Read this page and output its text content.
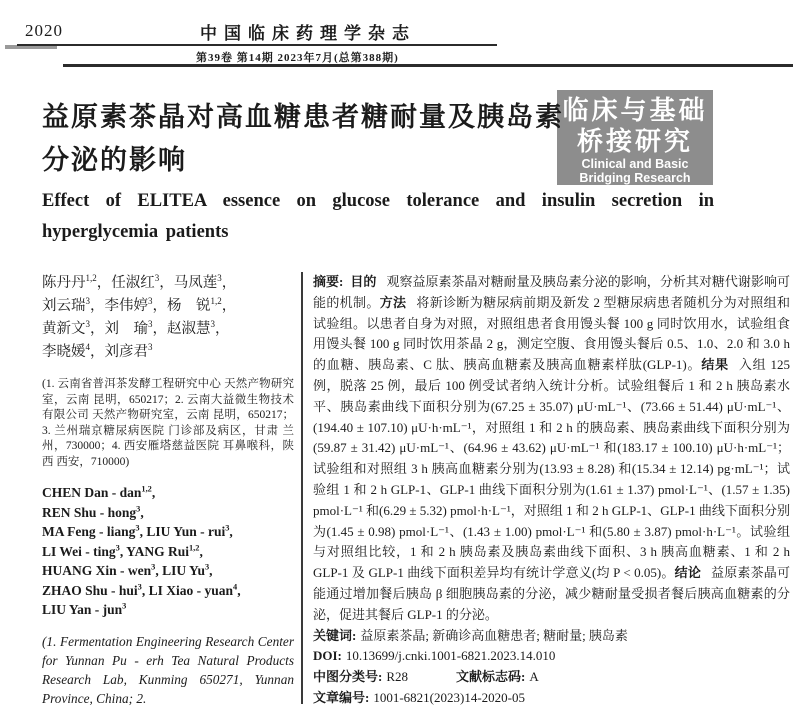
2020	中国临床药理学杂志
第39卷 第14期 2023年7月(总第388期)
临床与基础
桥接研究
Clinical and Basic
Bridging Research
益原素茶晶对高血糖患者糖耐量及胰岛素
分泌的影响
Effect of ELITEA essence on glucose tolerance and insulin secretion in hyperglycemia patients
陈丹丹$^{1,2}$，任淑红$^3$，马凤莲$^3$，
刘云瑞$^3$，李伟婷$^3$，杨　锐$^{1,2}$，
黄新文$^3$，刘　瑜$^3$，赵淑慧$^3$，
李晓媛$^4$，刘彦君$^3$
(1. 云南省普洱茶发酵工程研究中心 天然产物研究室，云南 昆明，650217；2. 云南大益微生物技术有限公司 天然产物研究室，云南 昆明，650217；3. 兰州瑞京糖尿病医院 门诊部及病区，甘肃 兰州，730000；4. 西安雁塔慈益医院 耳鼻喉科，陕西 西安，710000)
CHEN Dan - dan$^{1,2}$,
REN Shu - hong$^3$,
MA Feng - liang$^3$, LIU Yun - rui$^3$,
LI Wei - ting$^3$, YANG Rui$^{1,2}$,
HUANG Xin - wen$^3$, LIU Yu$^3$,
ZHAO Shu - hui$^3$, LI Xiao - yuan$^4$,
LIU Yan - jun$^3$
(1. Fermentation Engineering Research Center for Yunnan Pu - erh Tea Natural Products Research Lab, Kunming 650271, Yunnan Province, China; 2.

摘要: 目的 观察益原素茶晶对糖耐量及胰岛素分泌的影响，分析其对糖代谢影响可能的机制。方法 将新诊断为糖尿病前期及新发 2 型糖尿病患者随机分为对照组和试验组。以患者自身为对照，对照组患者食用馒头餐 100 g 同时饮用水，试验组食用馒头餐 100 g 同时饮用茶晶 2 g，测定空腹、食用馒头餐后 0.5、1.0、2.0 和 3.0 h 的血糖、胰岛素、C 肽、胰高血糖素及胰高血糖素样肽(GLP-1)。结果 入组 125 例，脱落 25 例，最后 100 例受试者纳入统计分析。试验组餐后 1 和 2 h 胰岛素水平、胰岛素曲线下面积分别为(67.25 ± 35.07) μU·mL⁻¹、(73.66 ± 51.44) μU·mL⁻¹、(194.40 ± 107.10) μU·h·mL⁻¹，对照组 1 和 2 h 的胰岛素、胰岛素曲线下面积分别为(59.87 ± 31.42) μU·mL⁻¹、(64.96 ± 43.62) μU·mL⁻¹ 和(183.17 ± 100.10) μU·h·mL⁻¹；试验组和对照组 3 h 胰高血糖素分别为(13.93 ± 8.28) 和(15.34 ± 12.14) pg·mL⁻¹；试验组 1 和 2 h GLP-1、GLP-1 曲线下面积分别为(1.61 ± 1.37) pmol·L⁻¹、(1.57 ± 1.35) pmol·L⁻¹ 和(6.29 ± 5.32) pmol·h·L⁻¹，对照组 1 和 2 h GLP-1、GLP-1 曲线下面积分别为(1.45 ± 0.98) pmol·L⁻¹、(1.43 ± 1.00) pmol·L⁻¹ 和(5.80 ± 3.87) pmol·h·L⁻¹。试验组与对照组比较，1 和 2 h 胰岛素及胰岛素曲线下面积、3 h 胰高血糖素、1 和 2 h GLP-1 及 GLP-1 曲线下面积差异均有统计学意义(均 P < 0.05)。结论 益原素茶晶可能通过增加餐后胰岛 β 细胞胰岛素的分泌，减少糖耐量受损者餐后胰高血糖素的分泌，促进其餐后 GLP-1 的分泌。

关键词: 益原素茶晶; 新确诊高血糖患者; 糖耐量; 胰岛素
DOI: 10.13699/j.cnki.1001-6821.2023.14.010
中图分类号: R28	文献标志码: A
文章编号: 1001-6821(2023)14-2020-05
